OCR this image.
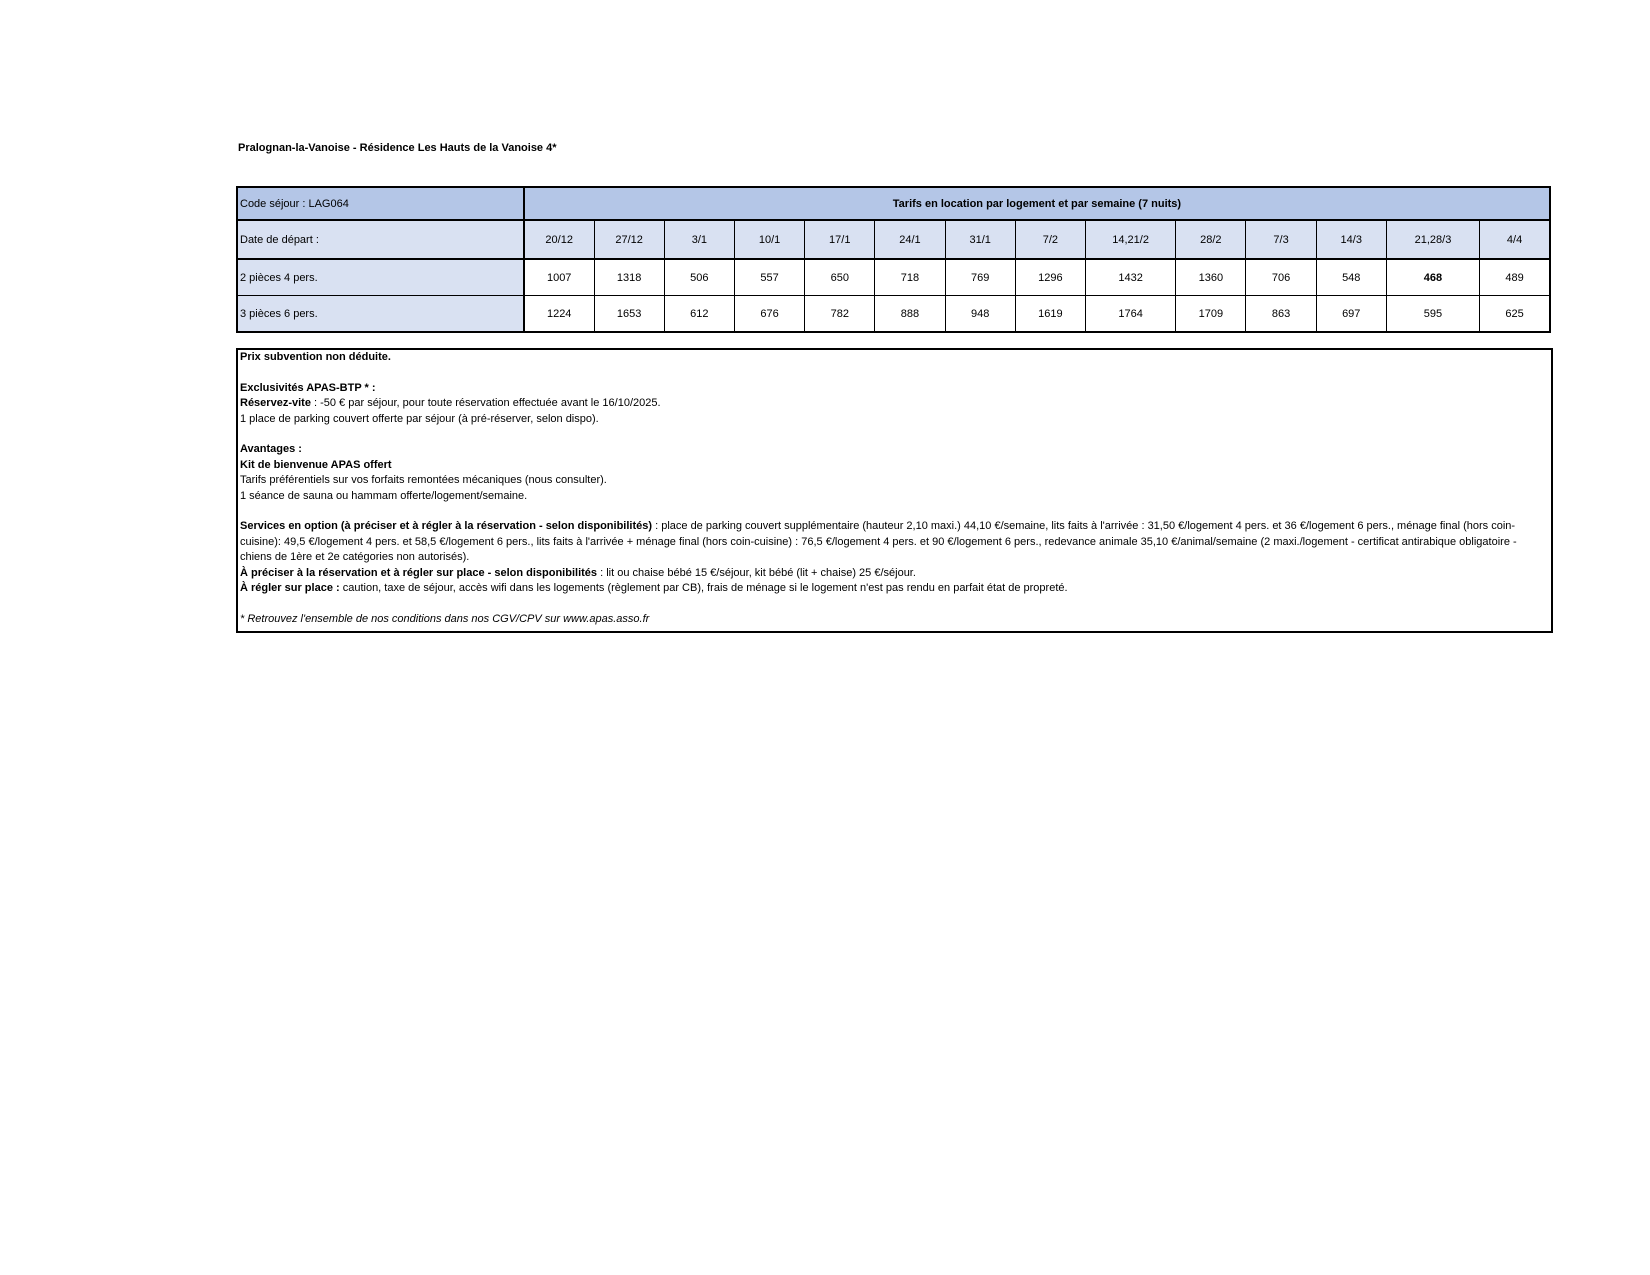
Pralognan-la-Vanoise - Résidence Les Hauts de la Vanoise 4*
Code séjour : LAG064	Tarifs en location par logement et par semaine (7 nuits)													
Date de départ :	20/12	27/12	3/1	10/1	17/1	24/1	31/1	7/2	14,21/2	28/2	7/3	14/3	21,28/3	4/4
2 pièces 4 pers.	1007	1318	506	557	650	718	769	1296	1432	1360	706	548	468	489
3 pièces 6 pers.	1224	1653	612	676	782	888	948	1619	1764	1709	863	697	595	625

Prix subvention non déduite.

Exclusivités APAS-BTP * :

Réservez-vite : -50 € par séjour, pour toute réservation effectuée avant le 16/10/2025.

1 place de parking couvert offerte par séjour (à pré-réserver, selon dispo).

Avantages :

Kit de bienvenue APAS offert

Tarifs préférentiels sur vos forfaits remontées mécaniques (nous consulter).

1 séance de sauna ou hammam offerte/logement/semaine.

Services en option (à préciser et à régler à la réservation - selon disponibilités) : place de parking couvert supplémentaire (hauteur 2,10 maxi.) 44,10 €/semaine, lits faits à l'arrivée : 31,50 €/logement 4 pers. et 36 €/logement 6 pers., ménage final (hors coin-cuisine): 49,5 €/logement 4 pers. et 58,5 €/logement 6 pers., lits faits à l'arrivée + ménage final (hors coin-cuisine) : 76,5 €/logement 4 pers. et 90 €/logement 6 pers., redevance animale 35,10 €/animal/semaine (2 maxi./logement - certificat antirabique obligatoire - chiens de 1ère et 2e catégories non autorisés).

À préciser à la réservation et à régler sur place - selon disponibilités : lit ou chaise bébé 15 €/séjour, kit bébé (lit + chaise) 25 €/séjour.

À régler sur place : caution, taxe de séjour, accès wifi dans les logements (règlement par CB), frais de ménage si le logement n'est pas rendu en parfait état de propreté.

* Retrouvez l'ensemble de nos conditions dans nos CGV/CPV sur www.apas.asso.fr
